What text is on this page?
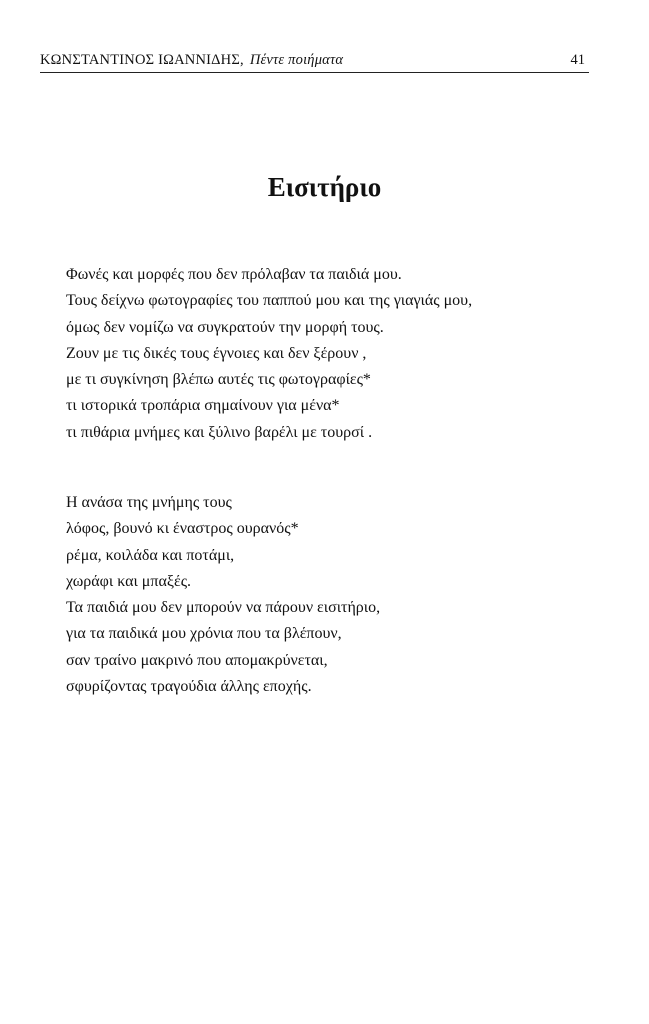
ΚΩΝΣΤΑΝΤΙΝΟΣ ΙΩΑΝΝΙΔΗΣ, Πέντε ποιήματα	41
Εισιτήριο
Φωνές και μορφές που δεν πρόλαβαν τα παιδιά μου.
Τους δείχνω φωτογραφίες του παππού μου και της γιαγιάς μου,
όμως δεν νομίζω να συγκρατούν την μορφή τους.
Ζουν με τις δικές τους έγνοιες και δεν ξέρουν ,
με τι συγκίνηση βλέπω αυτές τις φωτογραφίες*
τι ιστορικά τροπάρια σημαίνουν για μένα*
τι πιθάρια μνήμες και ξύλινο βαρέλι με τουρσί .
Η ανάσα της μνήμης τους
λόφος, βουνό κι έναστρος ουρανός*
ρέμα, κοιλάδα και ποτάμι,
χωράφι και μπαξές.
Τα παιδιά μου δεν μπορούν να πάρουν εισιτήριο,
για τα παιδικά μου χρόνια που τα βλέπουν,
σαν τραίνο μακρινό που απομακρύνεται,
σφυρίζοντας τραγούδια άλλης εποχής.
